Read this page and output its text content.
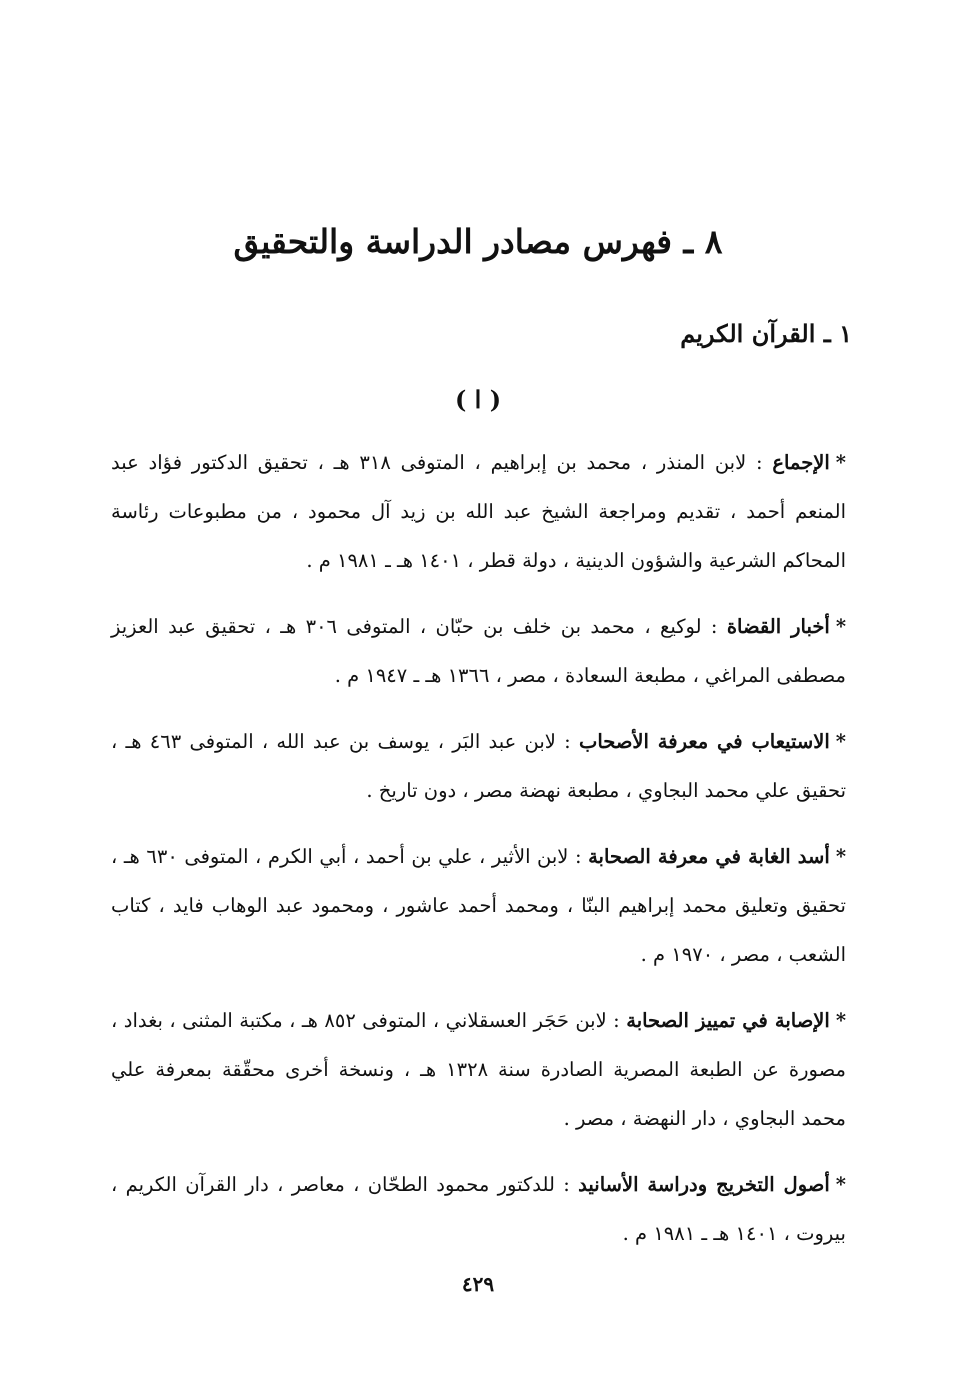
٨ ـ فهرس مصادر الدراسة والتحقيق
١ ـ القرآن الكريم
( ا )
*الإجماع : لابن المنذر ، محمد بن إبراهيم ، المتوفى ٣١٨ هـ ، تحقيق الدكتور فؤاد عبد المنعم أحمد ، تقديم ومراجعة الشيخ عبد الله بن زيد آل محمود ، من مطبوعات رئاسة المحاكم الشرعية والشؤون الدينية ، دولة قطر ، ١٤٠١ هـ ـ ١٩٨١ م .
*أخبار القضاة : لوكيع ، محمد بن خلف بن حبّان ، المتوفى ٣٠٦ هـ ، تحقيق عبد العزيز مصطفى المراغي ، مطبعة السعادة ، مصر ، ١٣٦٦ هـ ـ ١٩٤٧ م .
*الاستيعاب في معرفة الأصحاب : لابن عبد البَر ، يوسف بن عبد الله ، المتوفى ٤٦٣ هـ ، تحقيق علي محمد البجاوي ، مطبعة نهضة مصر ، دون تاريخ .
*أسد الغابة في معرفة الصحابة : لابن الأثير ، علي بن أحمد ، أبي الكرم ، المتوفى ٦٣٠ هـ ، تحقيق وتعليق محمد إبراهيم البنّا ، ومحمد أحمد عاشور ، ومحمود عبد الوهاب فايد ، كتاب الشعب ، مصر ، ١٩٧٠ م .
*الإصابة في تمييز الصحابة : لابن حَجَر العسقلاني ، المتوفى ٨٥٢ هـ ، مكتبة المثنى ، بغداد ، مصورة عن الطبعة المصرية الصادرة سنة ١٣٢٨ هـ ، ونسخة أخرى محقّقة بمعرفة علي محمد البجاوي ، دار النهضة ، مصر .
*أصول التخريج ودراسة الأسانيد : للدكتور محمود الطحّان ، معاصر ، دار القرآن الكريم ، بيروت ، ١٤٠١ هـ ـ ١٩٨١ م .
٤٢٩
